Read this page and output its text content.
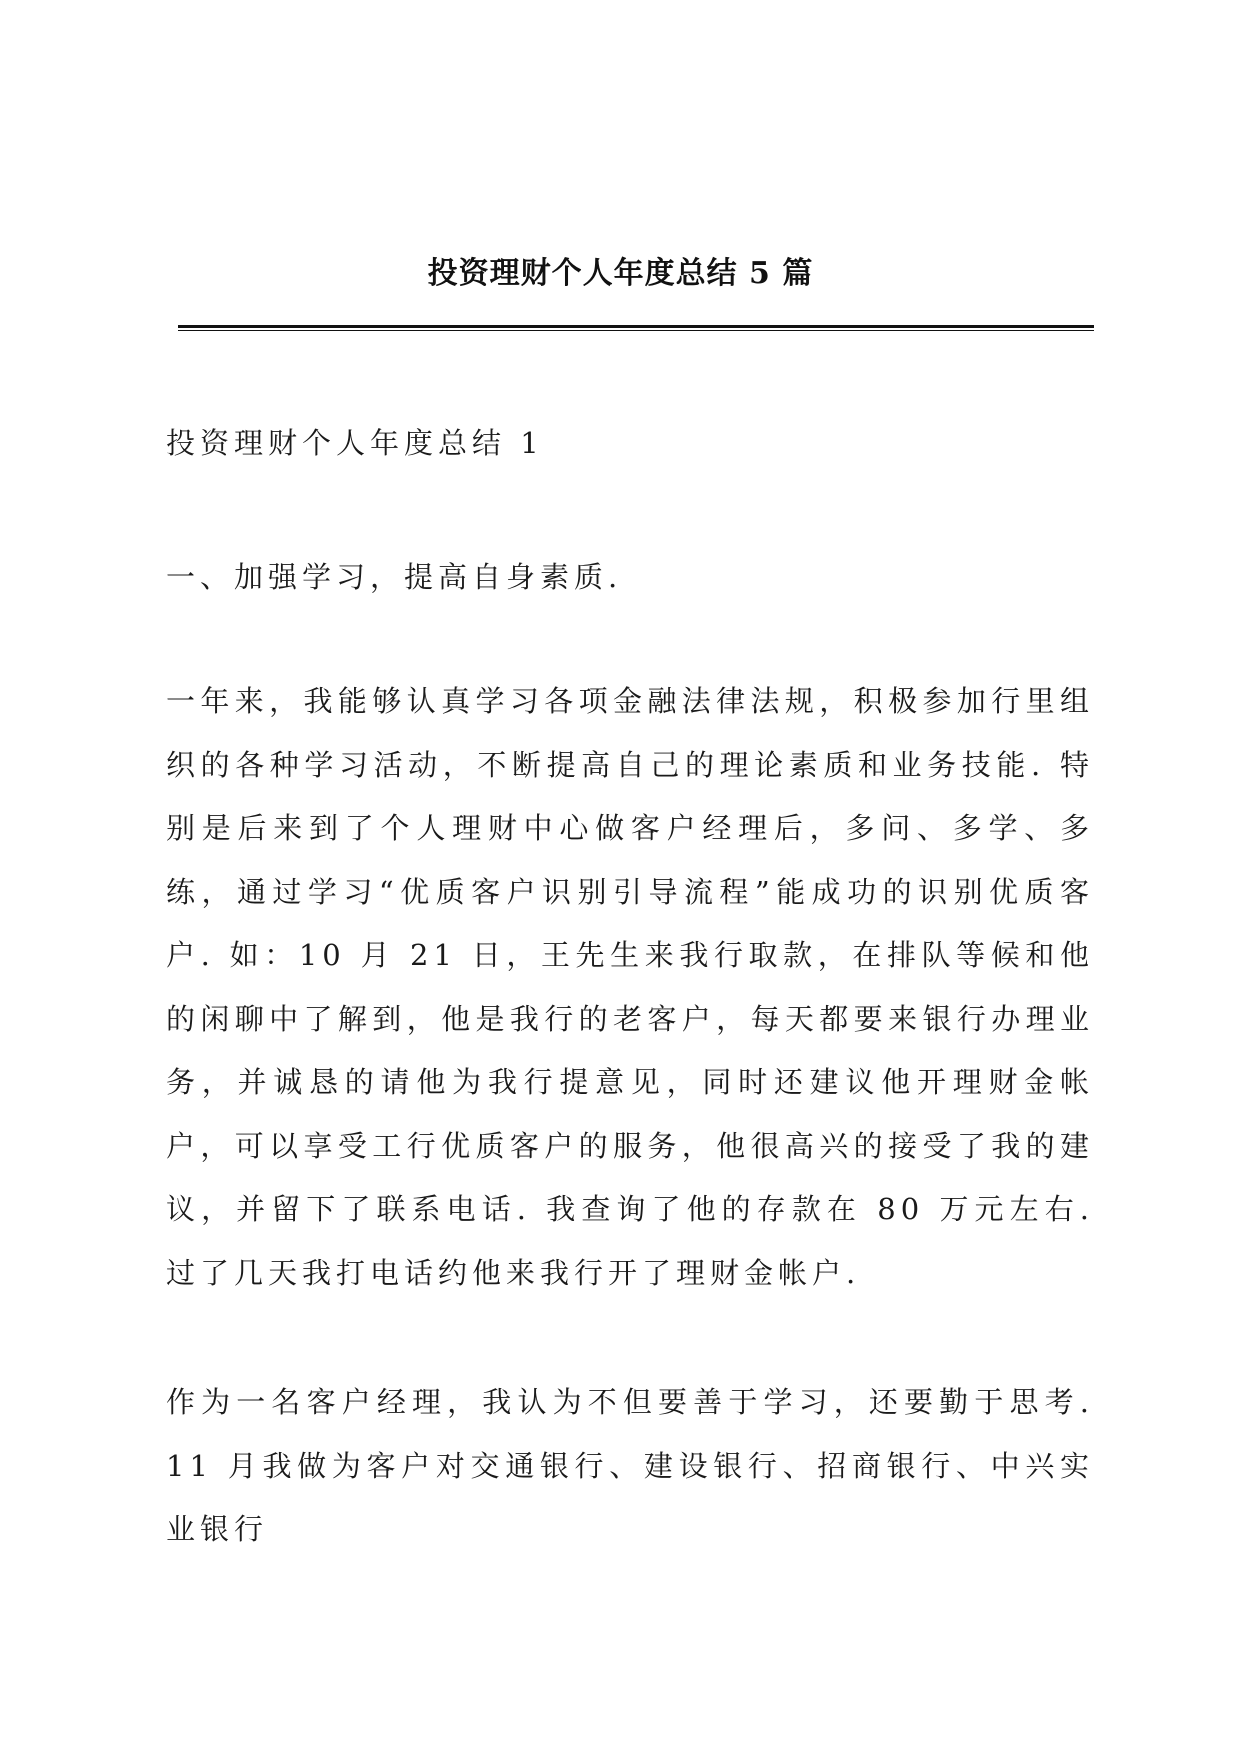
投资理财个人年度总结 5 篇
投资理财个人年度总结 1
一、加强学习，提高自身素质.

一年来，我能够认真学习各项金融法律法规，积极参加行里组织的各种学习活动，不断提高自己的理论素质和业务技能. 特别是后来到了个人理财中心做客户经理后，多问、多学、多练，通过学习“优质客户识别引导流程”能成功的识别优质客户. 如：10 月 21 日，王先生来我行取款，在排队等候和他的闲聊中了解到，他是我行的老客户，每天都要来银行办理业务，并诚恳的请他为我行提意见，同时还建议他开理财金帐户，可以享受工行优质客户的服务，他很高兴的接受了我的建议，并留下了联系电话. 我查询了他的存款在 80 万元左右. 过了几天我打电话约他来我行开了理财金帐户.

作为一名客户经理，我认为不但要善于学习，还要勤于思考. 11 月我做为客户对交通银行、建设银行、招商银行、中兴实业银行
